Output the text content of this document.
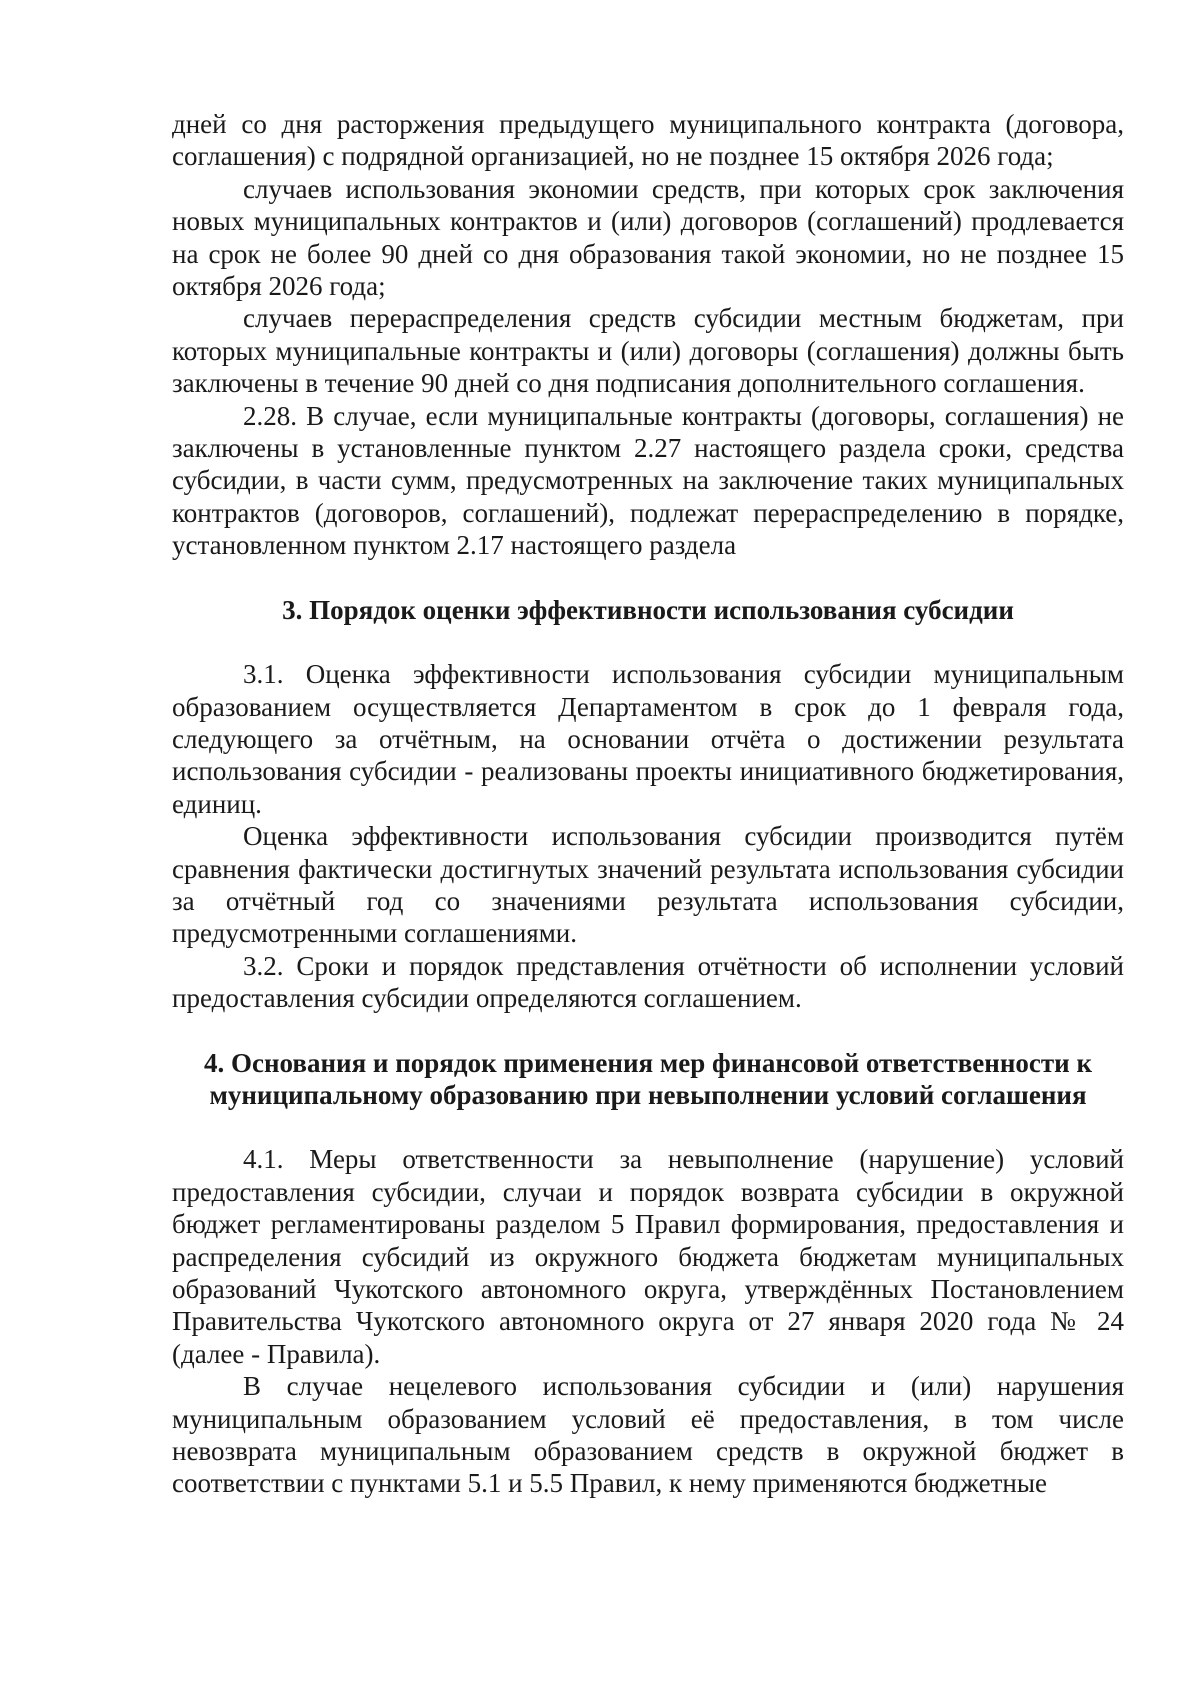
дней со дня расторжения предыдущего муниципального контракта (договора, соглашения) с подрядной организацией, но не позднее 15 октября 2026 года;

случаев использования экономии средств, при которых срок заключения новых муниципальных контрактов и (или) договоров (соглашений) продлевается на срок не более 90 дней со дня образования такой экономии, но не позднее 15 октября 2026 года;

случаев перераспределения средств субсидии местным бюджетам, при которых муниципальные контракты и (или) договоры (соглашения) должны быть заключены в течение 90 дней со дня подписания дополнительного соглашения.

2.28. В случае, если муниципальные контракты (договоры, соглашения) не заключены в установленные пунктом 2.27 настоящего раздела сроки, средства субсидии, в части сумм, предусмотренных на заключение таких муниципальных контрактов (договоров, соглашений), подлежат перераспределению в порядке, установленном пунктом 2.17 настоящего раздела

3. Порядок оценки эффективности использования субсидии

3.1. Оценка эффективности использования субсидии муниципальным образованием осуществляется Департаментом в срок до 1 февраля года, следующего за отчётным, на основании отчёта о достижении результата использования субсидии - реализованы проекты инициативного бюджетирования, единиц.

Оценка эффективности использования субсидии производится путём сравнения фактически достигнутых значений результата использования субсидии за отчётный год со значениями результата использования субсидии, предусмотренными соглашениями.

3.2. Сроки и порядок представления отчётности об исполнении условий предоставления субсидии определяются соглашением.

4. Основания и порядок применения мер финансовой ответственности к
муниципальному образованию при невыполнении условий соглашения

4.1. Меры ответственности за невыполнение (нарушение) условий предоставления субсидии, случаи и порядок возврата субсидии в окружной бюджет регламентированы разделом 5 Правил формирования, предоставления и распределения субсидий из окружного бюджета бюджетам муниципальных образований Чукотского автономного округа, утверждённых Постановлением Правительства Чукотского автономного округа от 27 января 2020 года № 24 (далее - Правила).

В случае нецелевого использования субсидии и (или) нарушения муниципальным образованием условий её предоставления, в том числе невозврата муниципальным образованием средств в окружной бюджет в соответствии с пунктами 5.1 и 5.5 Правил, к нему применяются бюджетные
